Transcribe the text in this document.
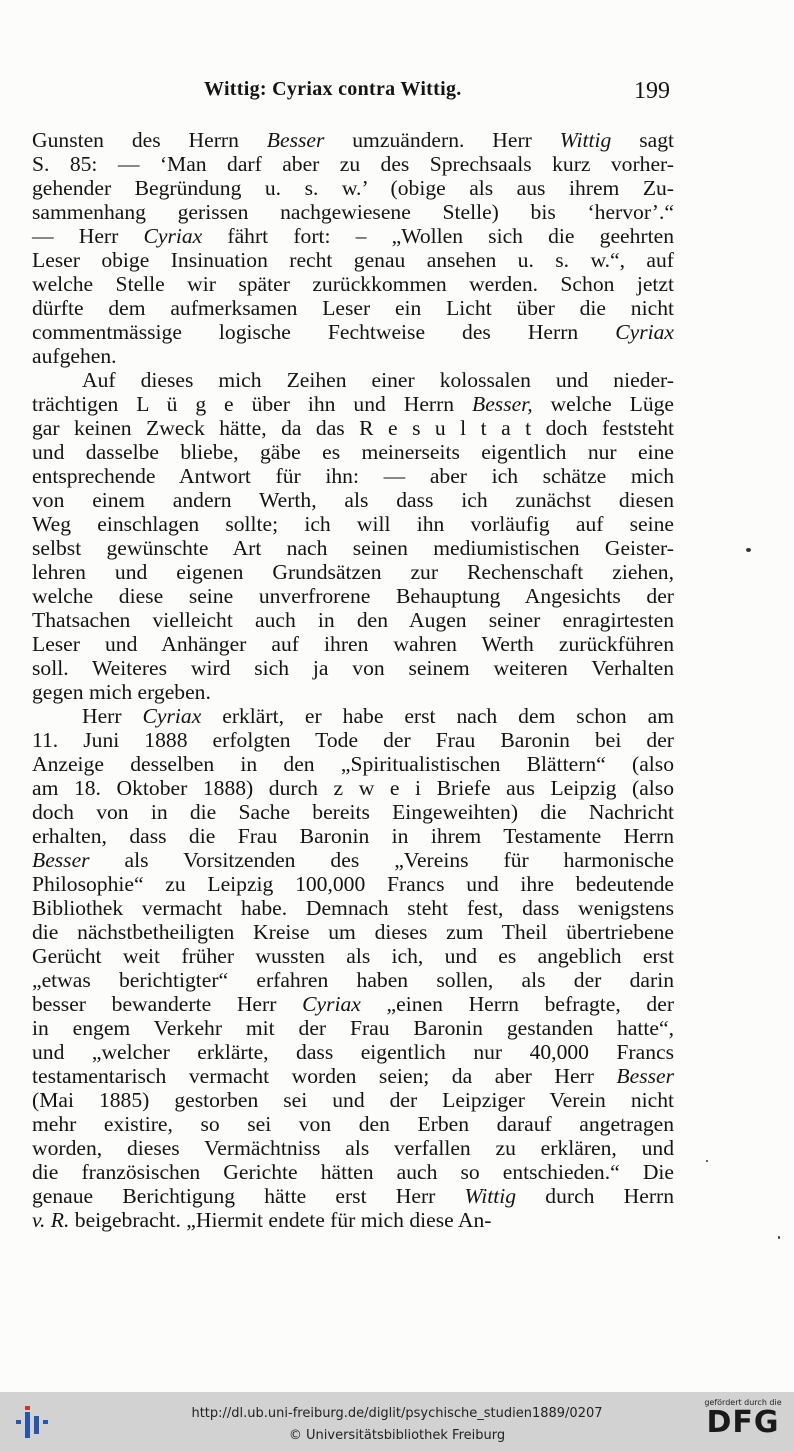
Wittig: Cyriax contra Wittig.	199
Gunsten des Herrn Besser umzuändern. Herr Wittig sagt
S. 85: — ‘Man darf aber zu des Sprechsaals kurz vorher-
gehender Begründung u. s. w.’ (obige als aus ihrem Zu-
sammenhang gerissen nachgewiesene Stelle) bis ‘hervor’.“
— Herr Cyriax fährt fort: – „Wollen sich die geehrten
Leser obige Insinuation recht genau ansehen u. s. w.“, auf
welche Stelle wir später zurückkommen werden. Schon jetzt
dürfte dem aufmerksamen Leser ein Licht über die nicht
commentmässige logische Fechtweise des Herrn Cyriax
aufgehen.
Auf dieses mich Zeihen einer kolossalen und nieder-
trächtigen L ü g e über ihn und Herrn Besser, welche Lüge
gar keinen Zweck hätte, da das R e s u l t a t doch feststeht
und dasselbe bliebe, gäbe es meinerseits eigentlich nur eine
entsprechende Antwort für ihn: — aber ich schätze mich
von einem andern Werth, als dass ich zunächst diesen
Weg einschlagen sollte; ich will ihn vorläufig auf seine
selbst gewünschte Art nach seinen mediumistischen Geister-
lehren und eigenen Grundsätzen zur Rechenschaft ziehen,
welche diese seine unverfrorene Behauptung Angesichts der
Thatsachen vielleicht auch in den Augen seiner enragirtesten
Leser und Anhänger auf ihren wahren Werth zurückführen
soll. Weiteres wird sich ja von seinem weiteren Verhalten
gegen mich ergeben.
Herr Cyriax erklärt, er habe erst nach dem schon am
11. Juni 1888 erfolgten Tode der Frau Baronin bei der
Anzeige desselben in den „Spiritualistischen Blättern“ (also
am 18. Oktober 1888) durch z w e i Briefe aus Leipzig (also
doch von in die Sache bereits Eingeweihten) die Nachricht
erhalten, dass die Frau Baronin in ihrem Testamente Herrn
Besser als Vorsitzenden des „Vereins für harmonische
Philosophie“ zu Leipzig 100,000 Francs und ihre bedeutende
Bibliothek vermacht habe. Demnach steht fest, dass wenigstens
die nächstbetheiligten Kreise um dieses zum Theil übertriebene
Gerücht weit früher wussten als ich, und es angeblich erst
„etwas berichtigter“ erfahren haben sollen, als der darin
besser bewanderte Herr Cyriax „einen Herrn befragte, der
in engem Verkehr mit der Frau Baronin gestanden hatte“,
und „welcher erklärte, dass eigentlich nur 40,000 Francs
testamentarisch vermacht worden seien; da aber Herr Besser
(Mai 1885) gestorben sei und der Leipziger Verein nicht
mehr existire, so sei von den Erben darauf angetragen
worden, dieses Vermächtniss als verfallen zu erklären, und
die französischen Gerichte hätten auch so entschieden.“ Die
genaue Berichtigung hätte erst Herr Wittig durch Herrn
v. R. beigebracht. „Hiermit endete für mich diese An-
http://dl.ub.uni-freiburg.de/diglit/psychische_studien1889/0207
© Universitätsbibliothek Freiburg
gefördert durch die
DFG
